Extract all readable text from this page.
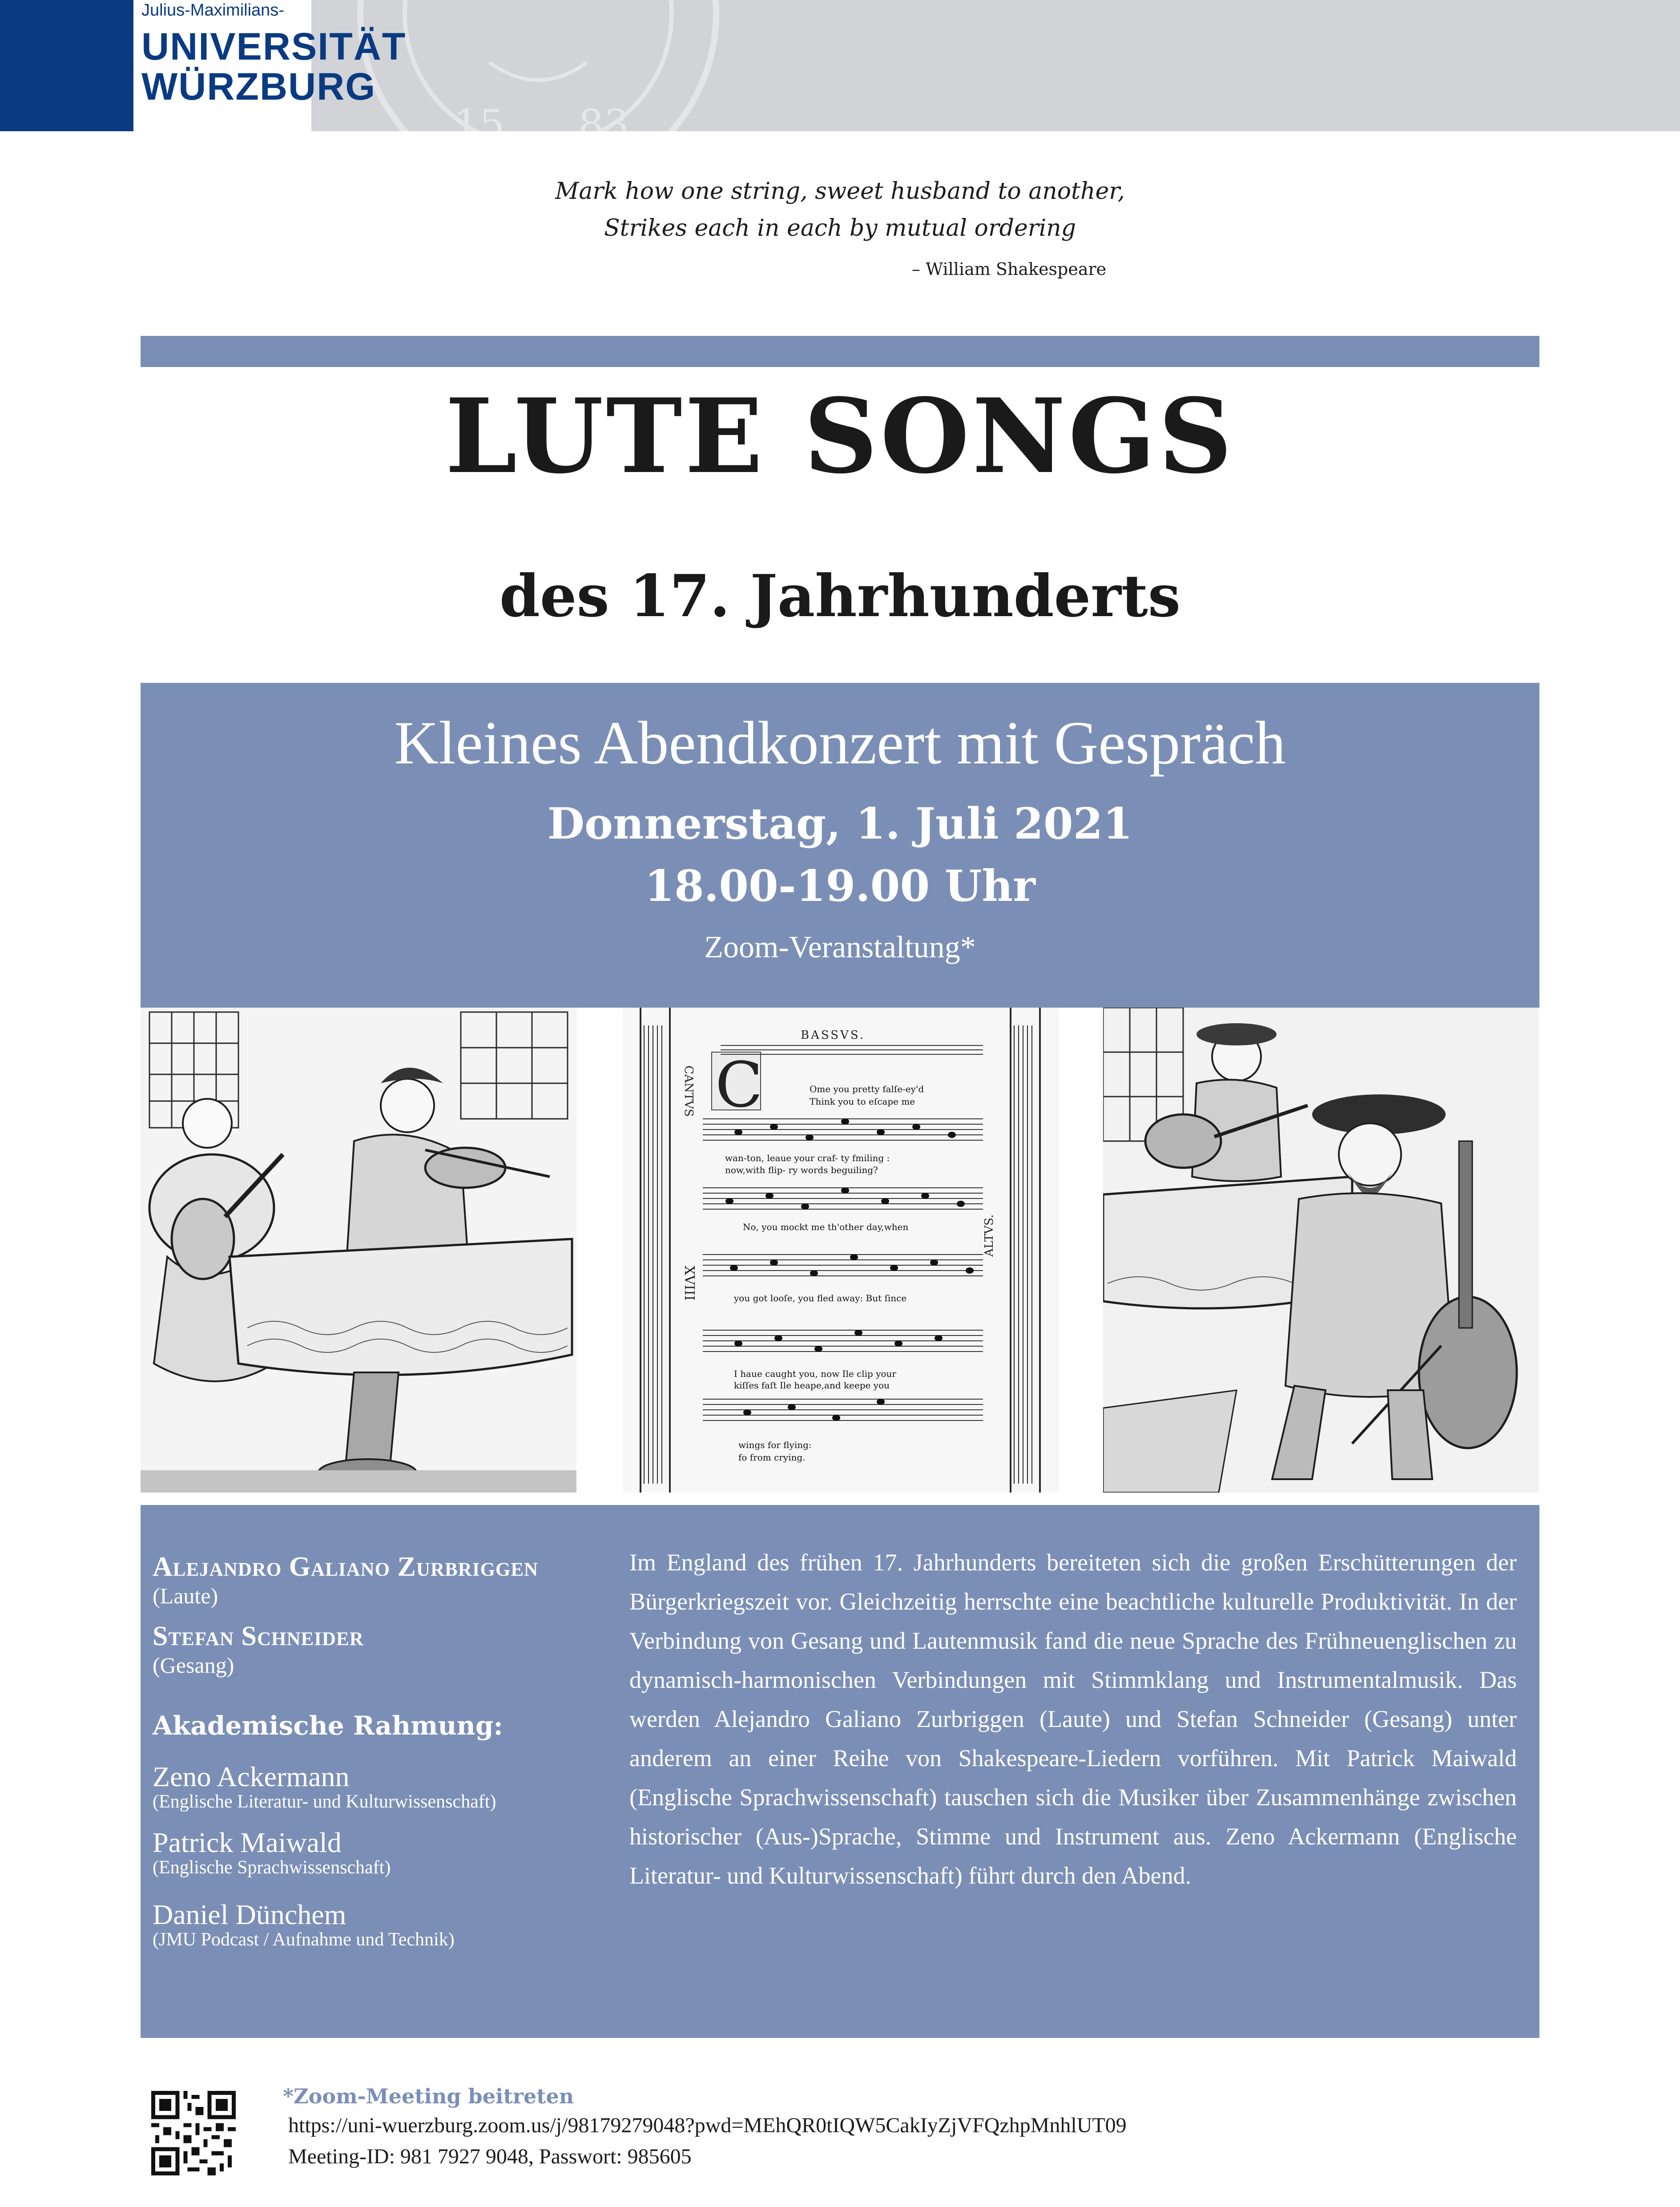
15 83
Julius-Maximilians-
UNIVERSITÄT
WÜRZBURG
Mark how one string, sweet husband to another,
Strikes each in each by mutual ordering
– William Shakespeare
LUTE SONGS
des 17. Jahrhunderts
Kleines Abendkonzert mit Gespräch
Donnerstag, 1. Juli 2021
18.00-19.00 Uhr
Zoom-Veranstaltung*
CANTVS
XVIII
ALTVS.
BASSVS.
C	Ome you pretty falſe-ey'd
Think you to eſcape me
wan-ton, leaue your craf- ty fmiling :
now,with flip- ry words beguiling?
No, you mockt me th'other day,when
you got looſe, you fled away: But ſince
I haue caught you, now Ile clip your
kiſſes faſt Ile heape,and keepe you
wings for flying:
fo from crying.
Alejandro Galiano Zurbriggen
(Laute)
Stefan Schneider
(Gesang)
Akademische Rahmung:
Zeno Ackermann
(Englische Literatur- und Kulturwissenschaft)
Patrick Maiwald
(Englische Sprachwissenschaft)
Daniel Dünchem
(JMU Podcast / Aufnahme und Technik)
Im England des frühen 17. Jahrhunderts bereiteten sich die großen Erschütterungen der Bürgerkriegszeit vor. Gleichzeitig herrschte eine beachtliche kulturelle Produktivität. In der Verbindung von Gesang und Lautenmusik fand die neue Sprache des Frühneuenglischen zu dynamisch-harmonischen Verbindungen mit Stimmklang und Instrumentalmusik. Das werden Alejandro Galiano Zurbriggen (Laute) und Stefan Schneider (Gesang) unter anderem an einer Reihe von Shakespeare-Liedern vorführen. Mit Patrick Maiwald (Englische Sprachwissenschaft) tauschen sich die Musiker über Zusammenhänge zwischen historischer (Aus-)Sprache, Stimme und Instrument aus. Zeno Ackermann (Englische Literatur- und Kulturwissenschaft) führt durch den Abend.
*Zoom-Meeting beitreten
https://uni-wuerzburg.zoom.us/j/98179279048?pwd=MEhQR0tIQW5CakIyZjVFQzhpMnhlUT09
Meeting-ID: 981 7927 9048, Passwort: 985605
